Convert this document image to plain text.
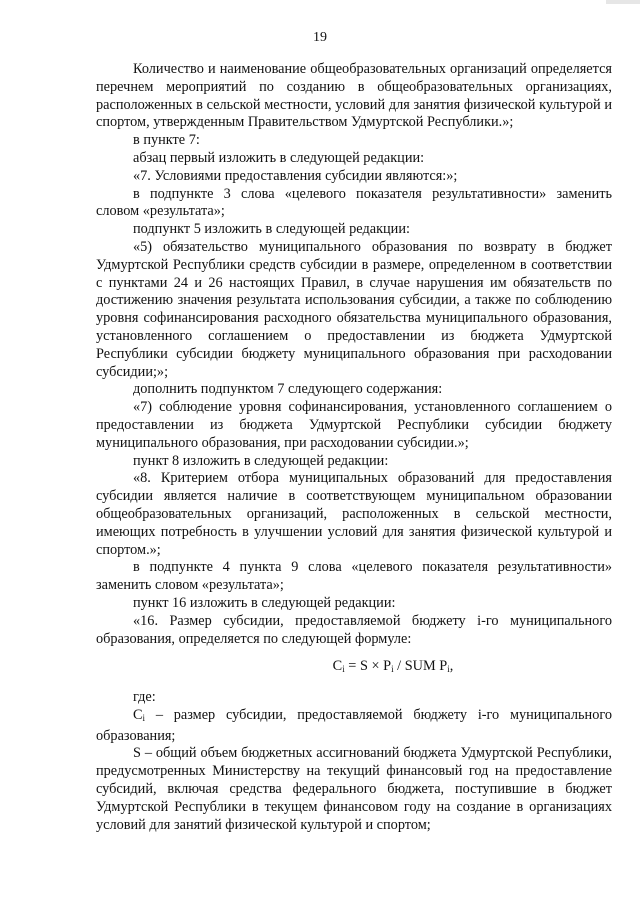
19

Количество и наименование общеобразовательных организаций определяется перечнем мероприятий по созданию в общеобразовательных организациях, расположенных в сельской местности, условий для занятия физической культурой и спортом, утвержденным Правительством Удмуртской Республики.»;

в пункте 7:

абзац первый изложить в следующей редакции:

«7. Условиями предоставления субсидии являются:»;

в подпункте 3 слова «целевого показателя результативности» заменить словом «результата»;

подпункт 5 изложить в следующей редакции:

«5) обязательство муниципального образования по возврату в бюджет Удмуртской Республики средств субсидии в размере, определенном в соответствии с пунктами 24 и 26 настоящих Правил, в случае нарушения им обязательств по достижению значения результата использования субсидии, а также по соблюдению уровня софинансирования расходного обязательства муниципального образования, установленного соглашением о предоставлении из бюджета Удмуртской Республики субсидии бюджету муниципального образования при расходовании субсидии;»;

дополнить подпунктом 7 следующего содержания:

«7) соблюдение уровня софинансирования, установленного соглашением о предоставлении из бюджета Удмуртской Республики субсидии бюджету муниципального образования, при расходовании субсидии.»;

пункт 8 изложить в следующей редакции:

«8. Критерием отбора муниципальных образований для предоставления субсидии является наличие в соответствующем муниципальном образовании общеобразовательных организаций, расположенных в сельской местности, имеющих потребность в улучшении условий для занятия физической культурой и спортом.»;

в подпункте 4 пункта 9 слова «целевого показателя результативности» заменить словом «результата»;

пункт 16 изложить в следующей редакции:

«16. Размер субсидии, предоставляемой бюджету i-го муниципального образования, определяется по следующей формуле:

$C_i = S \times P_i$ / SUM $P_i$,

где:

$C_i$ – размер субсидии, предоставляемой бюджету i-го муниципального образования;

S – общий объем бюджетных ассигнований бюджета Удмуртской Республики, предусмотренных Министерству на текущий финансовый год на предоставление субсидий, включая средства федерального бюджета, поступившие в бюджет Удмуртской Республики в текущем финансовом году на создание в организациях условий для занятий физической культурой и спортом;
